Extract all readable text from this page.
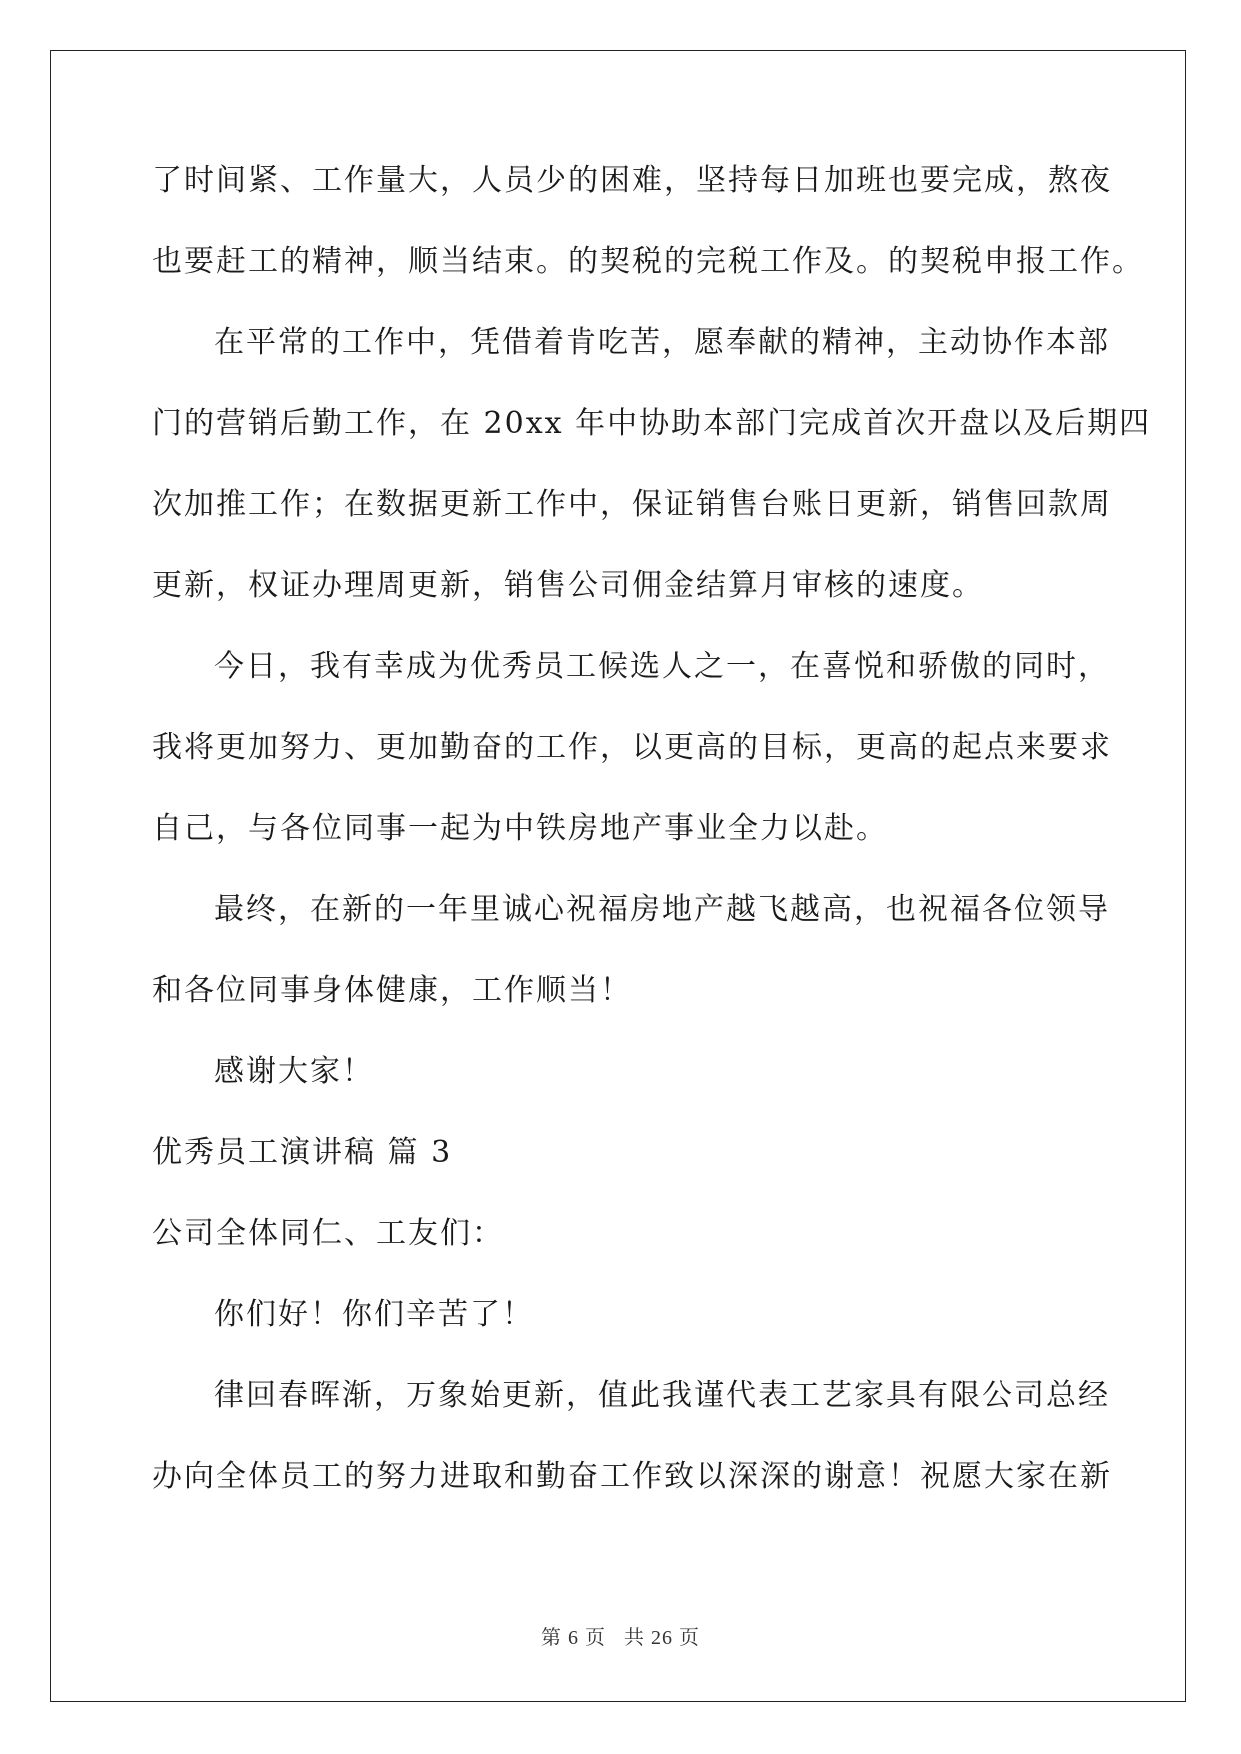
了时间紧、工作量大，人员少的困难，坚持每日加班也要完成，熬夜
也要赶工的精神，顺当结束。的契税的完税工作及。的契税申报工作。
在平常的工作中，凭借着肯吃苦，愿奉献的精神，主动协作本部
门的营销后勤工作，在 20xx 年中协助本部门完成首次开盘以及后期四
次加推工作；在数据更新工作中，保证销售台账日更新，销售回款周
更新，权证办理周更新，销售公司佣金结算月审核的速度。
今日，我有幸成为优秀员工候选人之一，在喜悦和骄傲的同时，
我将更加努力、更加勤奋的工作，以更高的目标，更高的起点来要求
自己，与各位同事一起为中铁房地产事业全力以赴。
最终，在新的一年里诚心祝福房地产越飞越高，也祝福各位领导
和各位同事身体健康，工作顺当！
感谢大家！
优秀员工演讲稿 篇 3
公司全体同仁、工友们：
你们好！你们辛苦了！
律回春晖渐，万象始更新，值此我谨代表工艺家具有限公司总经
办向全体员工的努力进取和勤奋工作致以深深的谢意！祝愿大家在新
第 6 页 共 26 页
